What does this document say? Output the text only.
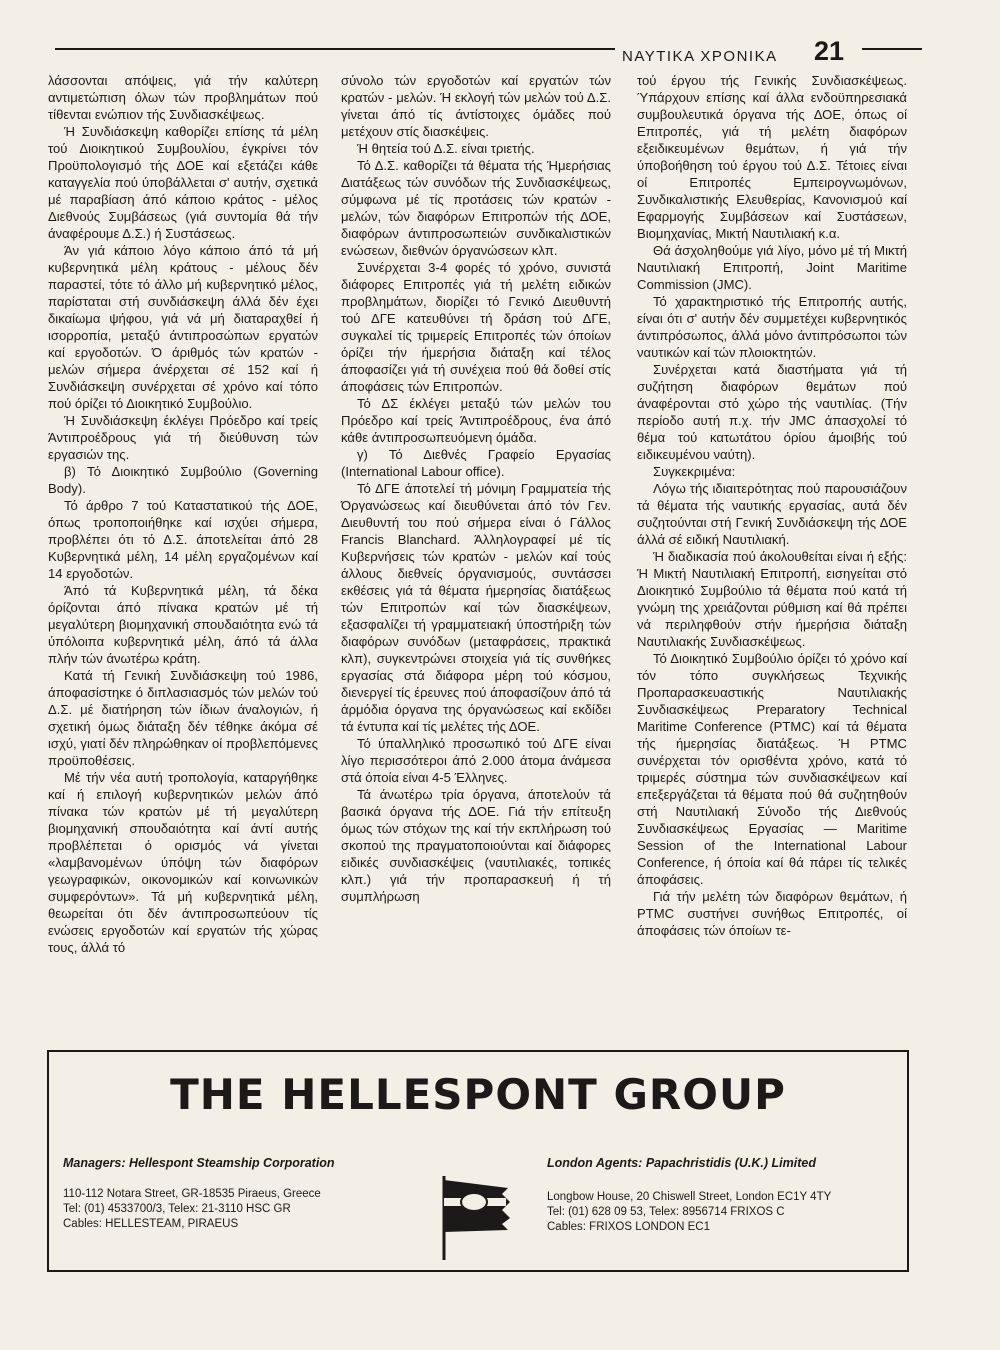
ΝΑΥΤΙΚΑ ΧΡΟΝΙΚΑ 21

λάσσονται απόψεις, γιά τήν καλύτερη αντιμετώπιση όλων τών προβλημάτων πού τίθενται ενώπιον τής Συνδιασκέψεως.

Ή Συνδιάσκεψη καθορίζει επίσης τά μέλη τού Διοικητικού Συμβουλίου, έγκρίνει τόν Προϋπολογισμό τής ΔΟΕ καί εξετάζει κάθε καταγγελία πού ύποβάλλεται σ' αυτήν, σχετικά μέ παραβίαση άπό κάποιο κράτος - μέλος Διεθνούς Συμβάσεως (γιά συντομία θά τήν άναφέρουμε Δ.Σ.) ή Συστάσεως.

Άν γιά κάποιο λόγο κάποιο άπό τά μή κυβερνητικά μέλη κράτους - μέλους δέν παραστεί, τότε τό άλλο μή κυβερνητικό μέλος, παρίσταται στή συνδιάσκεψη άλλά δέν έχει δικαίωμα ψήφου, γιά νά μή διαταραχθεί ή ισορροπία, μεταξύ άντιπροσώπων εργατών καί εργοδοτών. Ό άριθμός τών κρατών - μελών σήμερα άνέρχεται σέ 152 καί ή Συνδιάσκεψη συνέρχεται σέ χρόνο καί τόπο πού όρίζει τό Διοικητικό Συμβούλιο.

Ή Συνδιάσκεψη έκλέγει Πρόεδρο καί τρείς Άντιπροέδρους γιά τή διεύθυνση τών εργασιών της.

β) Τό Διοικητικό Συμβούλιο (Governing Body).

Τό άρθρο 7 τού Καταστατικού τής ΔΟΕ, όπως τροποποιήθηκε καί ισχύει σήμερα, προβλέπει ότι τό Δ.Σ. άποτελείται άπό 28 Κυβερνητικά μέλη, 14 μέλη εργαζομένων καί 14 εργοδοτών.

Άπό τά Κυβερνητικά μέλη, τά δέκα όρίζονται άπό πίνακα κρατών μέ τή μεγαλύτερη βιομηχανική σπουδαιότητα ενώ τά ύπόλοιπα κυβερνητικά μέλη, άπό τά άλλα πλήν τών άνωτέρω κράτη.

Κατά τή Γενική Συνδιάσκεψη τού 1986, άποφασίστηκε ό διπλασιασμός τών μελών τού Δ.Σ. μέ διατήρηση τών ίδιων άναλογιών, ή σχετική όμως διάταξη δέν τέθηκε άκόμα σέ ισχύ, γιατί δέν πληρώθηκαν οί προβλεπόμενες προϋποθέσεις.

Μέ τήν νέα αυτή τροπολογία, καταργήθηκε καί ή επιλογή κυβερνητικών μελών άπό πίνακα τών κρατών μέ τή μεγαλύτερη βιομηχανική σπουδαιότητα καί άντί αυτής προβλέπεται ό ορισμός νά γίνεται «λαμβανομένων ύπόψη τών διαφόρων γεωγραφικών, οικονομικών καί κοινωνικών συμφερόντων». Τά μή κυβερνητικά μέλη, θεωρείται ότι δέν άντιπροσωπεύουν τίς ενώσεις εργοδοτών καί εργατών τής χώρας τους, άλλά τό

σύνολο τών εργοδοτών καί εργατών τών κρατών - μελών. Ή εκλογή τών μελών τού Δ.Σ. γίνεται άπό τίς άντίστοιχες όμάδες πού μετέχουν στίς διασκέψεις.

Ή θητεία τού Δ.Σ. είναι τριετής.

Τό Δ.Σ. καθορίζει τά θέματα τής Ήμερήσιας Διατάξεως τών συνόδων τής Συνδιασκέψεως, σύμφωνα μέ τίς προτάσεις τών κρατών - μελών, τών διαφόρων Επιτροπών τής ΔΟΕ, διαφόρων άντιπροσωπειών συνδικαλιστικών ενώσεων, διεθνών όργανώσεων κλπ.

Συνέρχεται 3-4 φορές τό χρόνο, συνιστά διάφορες Επιτροπές γιά τή μελέτη ειδικών προβλημάτων, διορίζει τό Γενικό Διευθυντή τού ΔΓΕ κατευθύνει τή δράση τού ΔΓΕ, συγκαλεί τίς τριμερείς Επιτροπές τών όποίων όρίζει τήν ήμερήσια διάταξη καί τέλος άποφασίζει γιά τή συνέχεια πού θά δοθεί στίς άποφάσεις τών Επιτροπών.

Τό ΔΣ έκλέγει μεταξύ τών μελών του Πρόεδρο καί τρείς Άντιπροέδρους, ένα άπό κάθε άντιπροσωπευόμενη όμάδα.

γ) Τό Διεθνές Γραφείο Εργασίας (International Labour office).

Τό ΔΓΕ άποτελεί τή μόνιμη Γραμματεία τής Όργανώσεως καί διευθύνεται άπό τόν Γεν. Διευθυντή του πού σήμερα είναι ό Γάλλος Francis Blanchard. Άλληλογραφεί μέ τίς Κυβερνήσεις τών κρατών - μελών καί τούς άλλους διεθνείς όργανισμούς, συντάσσει εκθέσεις γιά τά θέματα ήμερησίας διατάξεως τών Επιτροπών καί τών διασκέψεων, εξασφαλίζει τή γραμματειακή ύποστήριξη τών διαφόρων συνόδων (μεταφράσεις, πρακτικά κλπ), συγκεντρώνει στοιχεία γιά τίς συνθήκες εργασίας στά διάφορα μέρη τού κόσμου, διενεργεί τίς έρευνες πού άποφασίζουν άπό τά άρμόδια όργανα της όργανώσεως καί εκδίδει τά έντυπα καί τίς μελέτες τής ΔΟΕ.

Τό ύπαλληλικό προσωπικό τού ΔΓΕ είναι λίγο περισσότεροι άπό 2.000 άτομα άνάμεσα στά όποία είναι 4-5 Έλληνες.

Τά άνωτέρω τρία όργανα, άποτελούν τά βασικά όργανα τής ΔΟΕ. Γιά τήν επίτευξη όμως τών στόχων της καί τήν εκπλήρωση τού σκοπού της πραγματοποιούνται καί διάφορες ειδικές συνδιασκέψεις (ναυτιλιακές, τοπικές κλπ.) γιά τήν προπαρασκευή ή τή συμπλήρωση

τού έργου τής Γενικής Συνδιασκέψεως. Ύπάρχουν επίσης καί άλλα ενδοϋπηρεσιακά συμβουλευτικά όργανα τής ΔΟΕ, όπως οί Επιτροπές, γιά τή μελέτη διαφόρων εξειδικευμένων θεμάτων, ή γιά τήν ύποβοήθηση τού έργου τού Δ.Σ. Τέτοιες είναι οί Επιτροπές Εμπειρογνωμόνων, Συνδικαλιστικής Ελευθερίας, Κανονισμού καί Εφαρμογής Συμβάσεων καί Συστάσεων, Βιομηχανίας, Μικτή Ναυτιλιακή κ.α.

Θά άσχοληθούμε γιά λίγο, μόνο μέ τή Μικτή Ναυτιλιακή Επιτροπή, Joint Maritime Commission (JMC).

Τό χαρακτηριστικό τής Επιτροπής αυτής, είναι ότι σ' αυτήν δέν συμμετέχει κυβερνητικός άντιπρόσωπος, άλλά μόνο άντιπρόσωποι τών ναυτικών καί τών πλοιοκτητών.

Συνέρχεται κατά διαστήματα γιά τή συζήτηση διαφόρων θεμάτων πού άναφέρονται στό χώρο τής ναυτιλίας. (Τήν περίοδο αυτή π.χ. τήν JMC άπασχολεί τό θέμα τού κατωτάτου όρίου άμοιβής τού ειδικευμένου ναύτη).

Συγκεκριμένα:

Λόγω τής ιδιαιτερότητας πού παρουσιάζουν τά θέματα τής ναυτικής εργασίας, αυτά δέν συζητούνται στή Γενική Συνδιάσκεψη τής ΔΟΕ άλλά σέ ειδική Ναυτιλιακή.

Ή διαδικασία πού άκολουθείται είναι ή εξής: Ή Μικτή Ναυτιλιακή Επιτροπή, εισηγείται στό Διοικητικό Συμβούλιο τά θέματα πού κατά τή γνώμη της χρειάζονται ρύθμιση καί θά πρέπει νά περιληφθούν στήν ήμερήσια διάταξη Ναυτιλιακής Συνδιασκέψεως.

Τό Διοικητικό Συμβούλιο όρίζει τό χρόνο καί τόν τόπο συγκλήσεως Τεχνικής Προπαρασκευαστικής Ναυτιλιακής Συνδιασκέψεως Preparatory Technical Maritime Conference (PTMC) καί τά θέματα τής ήμερησίας διατάξεως. Ή PTMC συνέρχεται τόν ορισθέντα χρόνο, κατά τό τριμερές σύστημα τών συνδιασκέψεων καί επεξεργάζεται τά θέματα πού θά συζητηθούν στή Ναυτιλιακή Σύνοδο τής Διεθνούς Συνδιασκέψεως Εργασίας — Maritime Session of the International Labour Conference, ή όποία καί θά πάρει τίς τελικές άποφάσεις.

Γιά τήν μελέτη τών διαφόρων θεμάτων, ή PTMC συστήνει συνήθως Επιτροπές, οί άποφάσεις τών όποίων τε-

THE HELLESPONT GROUP
Managers: Hellespont Steamship Corporation
110-112 Notara Street, GR-18535 Piraeus, Greece
Tel: (01) 4533700/3, Telex: 21-3110 HSC GR
Cables: HELLESTEAM, PIRAEUS
London Agents: Papachristidis (U.K.) Limited
Longbow House, 20 Chiswell Street, London EC1Y 4TY
Tel: (01) 628 09 53, Telex: 8956714 FRIXOS C
Cables: FRIXOS LONDON EC1
